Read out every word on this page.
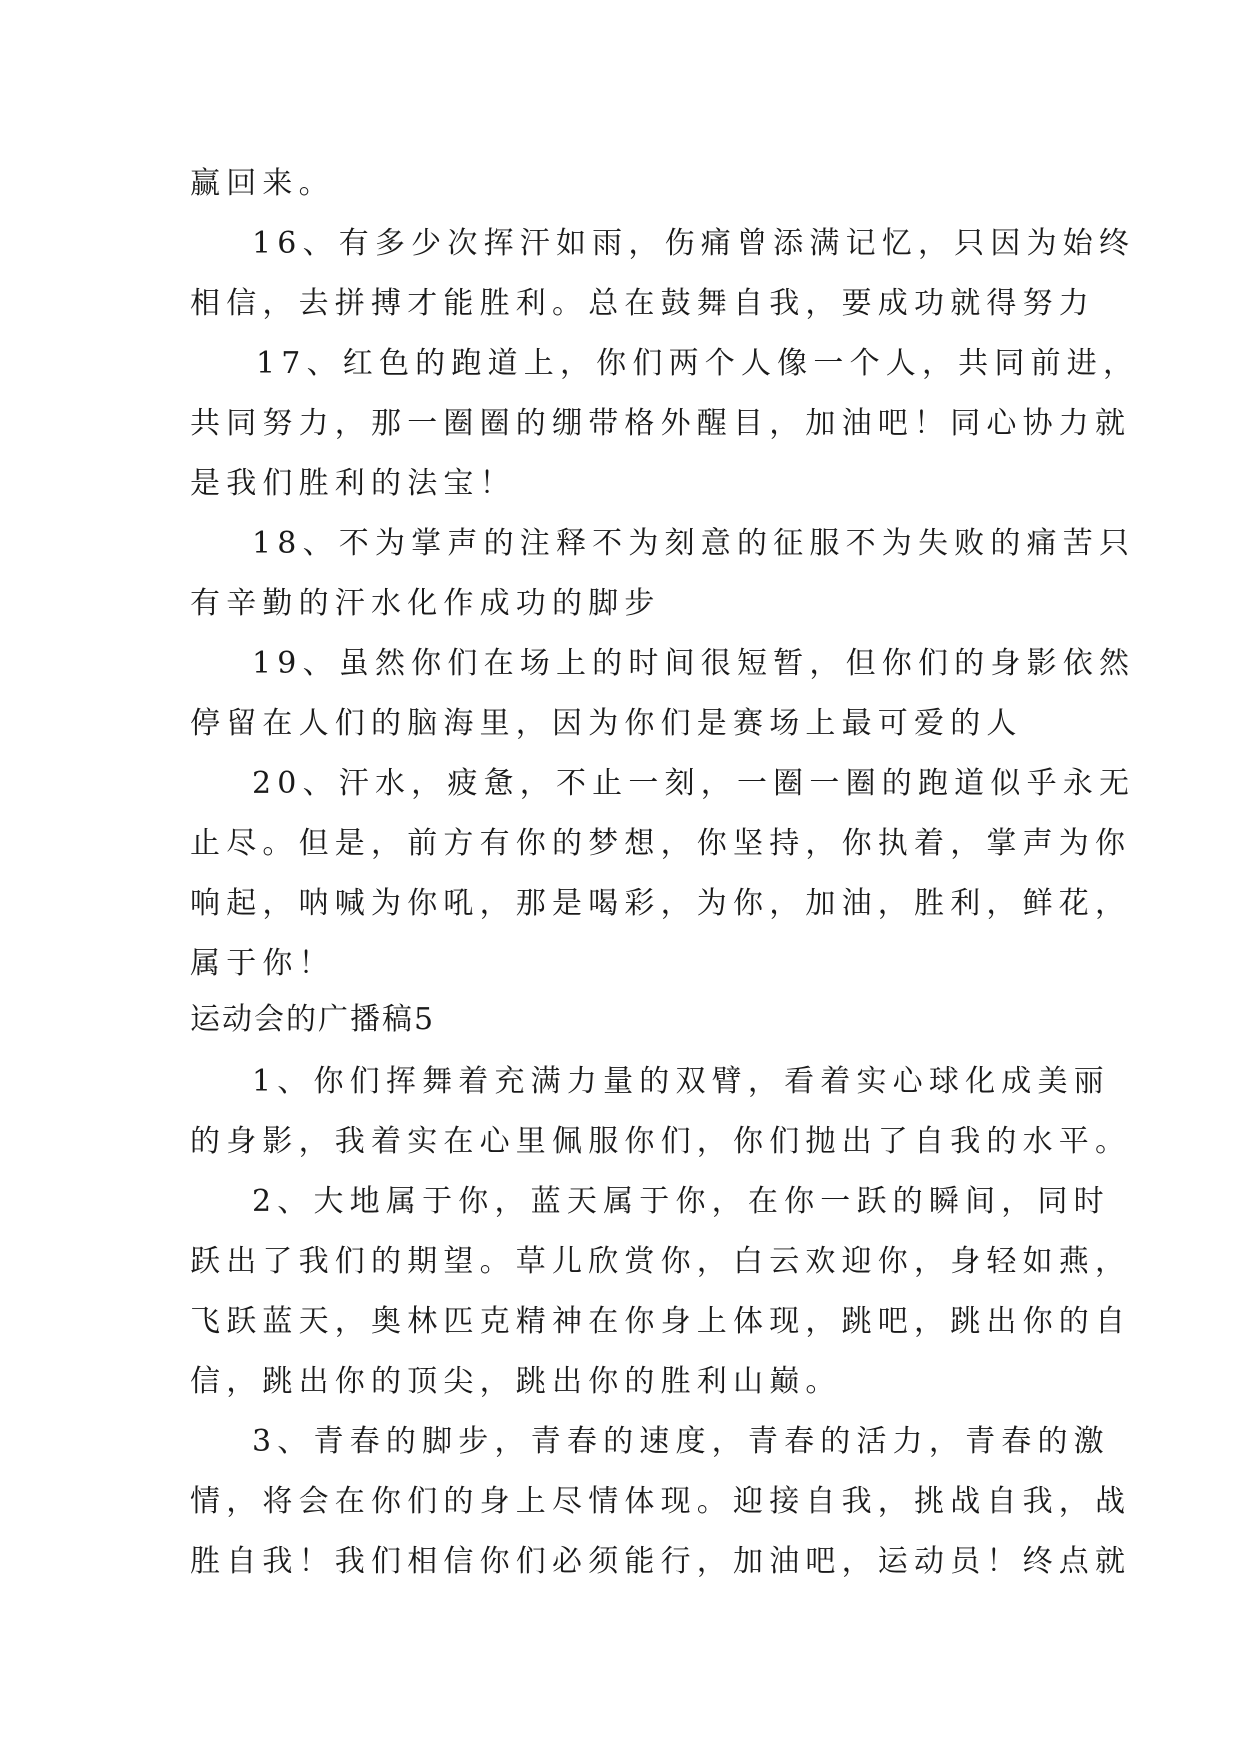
赢回来。
16、有多少次挥汗如雨，伤痛曾添满记忆，只因为始终
相信，去拼搏才能胜利。总在鼓舞自我，要成功就得努力
17、红色的跑道上，你们两个人像一个人，共同前进，
共同努力，那一圈圈的绷带格外醒目，加油吧！同心协力就
是我们胜利的法宝！
18、不为掌声的注释不为刻意的征服不为失败的痛苦只
有辛勤的汗水化作成功的脚步
19、虽然你们在场上的时间很短暂，但你们的身影依然
停留在人们的脑海里，因为你们是赛场上最可爱的人
20、汗水，疲惫，不止一刻，一圈一圈的跑道似乎永无
止尽。但是，前方有你的梦想，你坚持，你执着，掌声为你
响起，呐喊为你吼，那是喝彩，为你，加油，胜利，鲜花，
属于你！
运动会的广播稿5
1、你们挥舞着充满力量的双臂，看着实心球化成美丽
的身影，我着实在心里佩服你们，你们抛出了自我的水平。
2、大地属于你，蓝天属于你，在你一跃的瞬间，同时
跃出了我们的期望。草儿欣赏你，白云欢迎你，身轻如燕，
飞跃蓝天，奥林匹克精神在你身上体现，跳吧，跳出你的自
信，跳出你的顶尖，跳出你的胜利山巅。
3、青春的脚步，青春的速度，青春的活力，青春的激
情，将会在你们的身上尽情体现。迎接自我，挑战自我，战
胜自我！我们相信你们必须能行，加油吧，运动员！终点就
